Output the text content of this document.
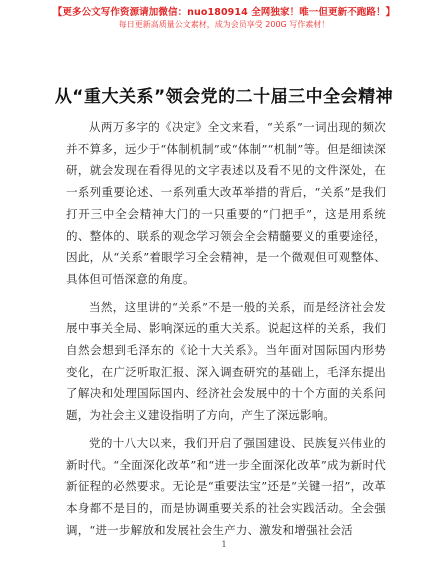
【更多公文写作资源请加微信：nuo180914 全网独家！唯一但更新不跑路！】
每日更新高质量公文素材，成为会员享受 200G 写作素材！
从“重大关系”领会党的二十届三中全会精神

从两万多字的《决定》全文来看，“关系”一词出现的频次并不算多，远少于“体制机制”或“体制”“机制”等。但是细读深研，就会发现在看得见的文字表述以及看不见的文件深处，在一系列重要论述、一系列重大改革举措的背后，“关系”是我们打开三中全会精神大门的一只重要的“门把手”，这是用系统的、整体的、联系的观念学习领会全会精髓要义的重要途径，因此，从“关系”着眼学习全会精神，是一个微观但可观整体、具体但可悟深意的角度。

当然，这里讲的“关系”不是一般的关系，而是经济社会发展中事关全局、影响深远的重大关系。说起这样的关系，我们自然会想到毛泽东的《论十大关系》。当年面对国际国内形势变化，在广泛听取汇报、深入调查研究的基础上，毛泽东提出了解决和处理国际国内、经济社会发展中的十个方面的关系问题，为社会主义建设指明了方向，产生了深远影响。

党的十八大以来，我们开启了强国建设、民族复兴伟业的新时代。“全面深化改革”和“进一步全面深化改革”成为新时代新征程的必然要求。无论是“重要法宝”还是“关键一招”，改革本身都不是目的，而是协调重要关系的社会实践活动。全会强调，“进一步解放和发展社会生产力、激发和增强社会活

1
